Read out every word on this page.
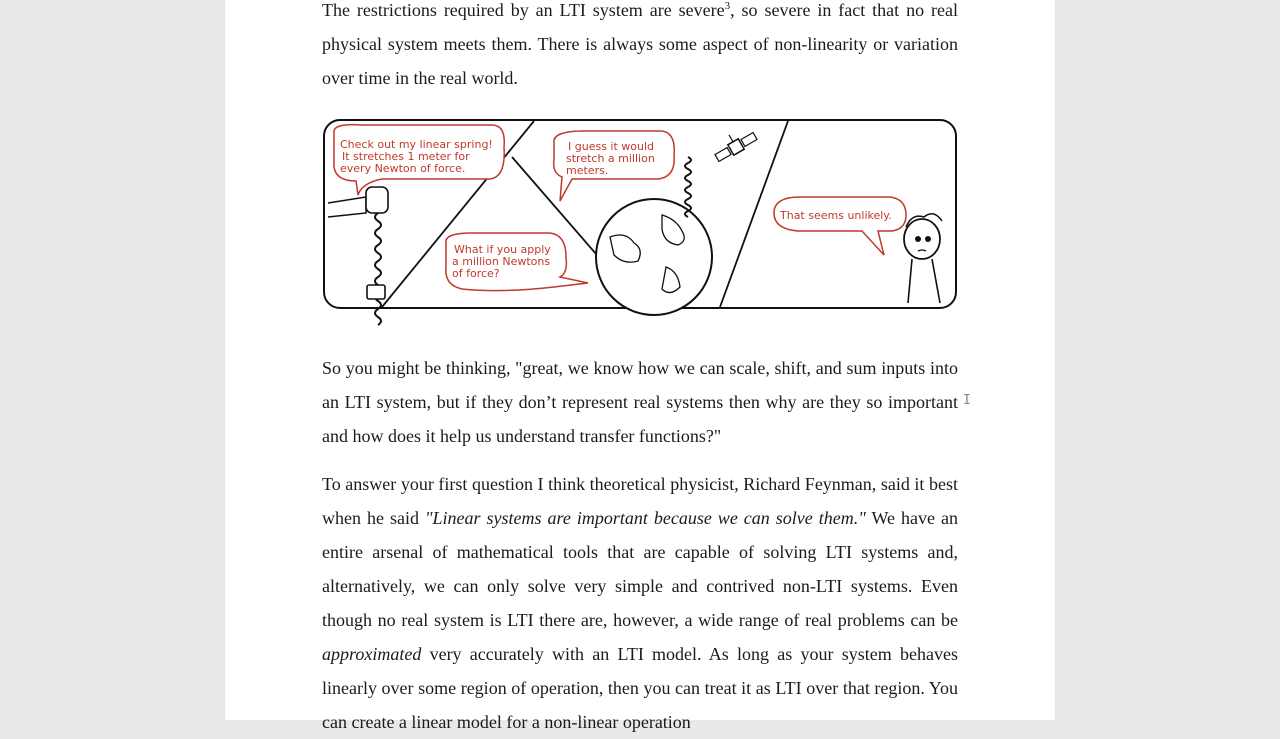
The restrictions required by an LTI system are severe$^3$, so severe in fact that no real physical system meets them. There is always some aspect of non-linearity or variation over time in the real world.

Check out my linear spring!
It stretches 1 meter for
every Newton of force.
What if you apply
a million Newtons
of force?
I guess it would
stretch a million
meters.
That seems unlikely.

So you might be thinking, "great, we know how we can scale, shift, and sum inputs into an LTI system, but if they don’t represent real systems then why are they so important and how does it help us understand transfer functions?"

To answer your first question I think theoretical physicist, Richard Feynman, said it best when he said "Linear systems are important because we can solve them." We have an entire arsenal of mathematical tools that are capable of solving LTI systems and, alternatively, we can only solve very simple and contrived non-LTI systems. Even though no real system is LTI there are, however, a wide range of real problems can be approximated very accurately with an LTI model. As long as your system behaves linearly over some region of operation, then you can treat it as LTI over that region. You can create a linear model for a non-linear operation

I
